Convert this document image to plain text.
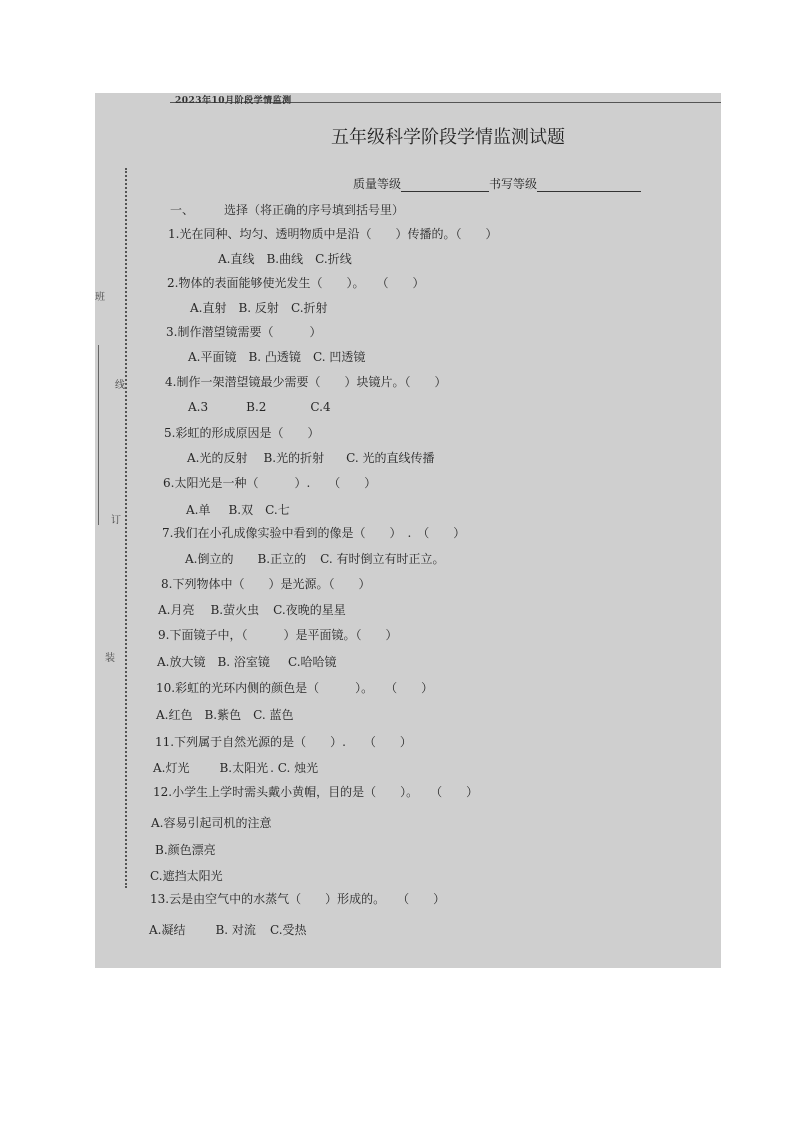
2023年10月阶段学情监测
班
线
订
装
五年级科学阶段学情监测试题
质量等级	书写等级
一、	选择（将正确的序号填到括号里）
1.光在同种、均匀、透明物质中是沿（　　）传播的。（　　）
A.直线 B.曲线 C.折线
2.物体的表面能够使光发生（　　）。　　（　　）
A.直射 B. 反射 C.折射
3.制作潜望镜需要（　　　）
A.平面镜 B. 凸透镜 C. 凹透镜
4.制作一架潜望镜最少需要（　　）块镜片。（　　）
A.3	B.2	C.4
5.彩虹的形成原因是（　　）
A.光的反射 B.光的折射 C. 光的直线传播
6.太阳光是一种（　　　）.　　（　　）
A.单 B.双 C.七
7.我们在小孔成像实验中看到的像是（　　）　.　（　　）
A.倒立的 B.正立的 C. 有时倒立有时正立。
8.下列物体中（　　）是光源。（　　）
A.月亮 B.萤火虫 C.夜晚的星星
9.下面镜子中，（　　　）是平面镜。（　　）
A.放大镜 B. 浴室镜 C.哈哈镜
10.彩虹的光环内侧的颜色是（　　　）。　　（　　）
A.红色 B.紫色 C. 蓝色
11.下列属于自然光源的是（　　）.　　（　　）
A.灯光	B.太阳光 . C. 烛光
12.小学生上学时需头戴小黄帽，目的是（　　）。　　（　　）
A.容易引起司机的注意
B.颜色漂亮
C.遮挡太阳光
13.云是由空气中的水蒸气（　　）形成的。　　（　　）
A.凝结	B. 对流 C.受热
